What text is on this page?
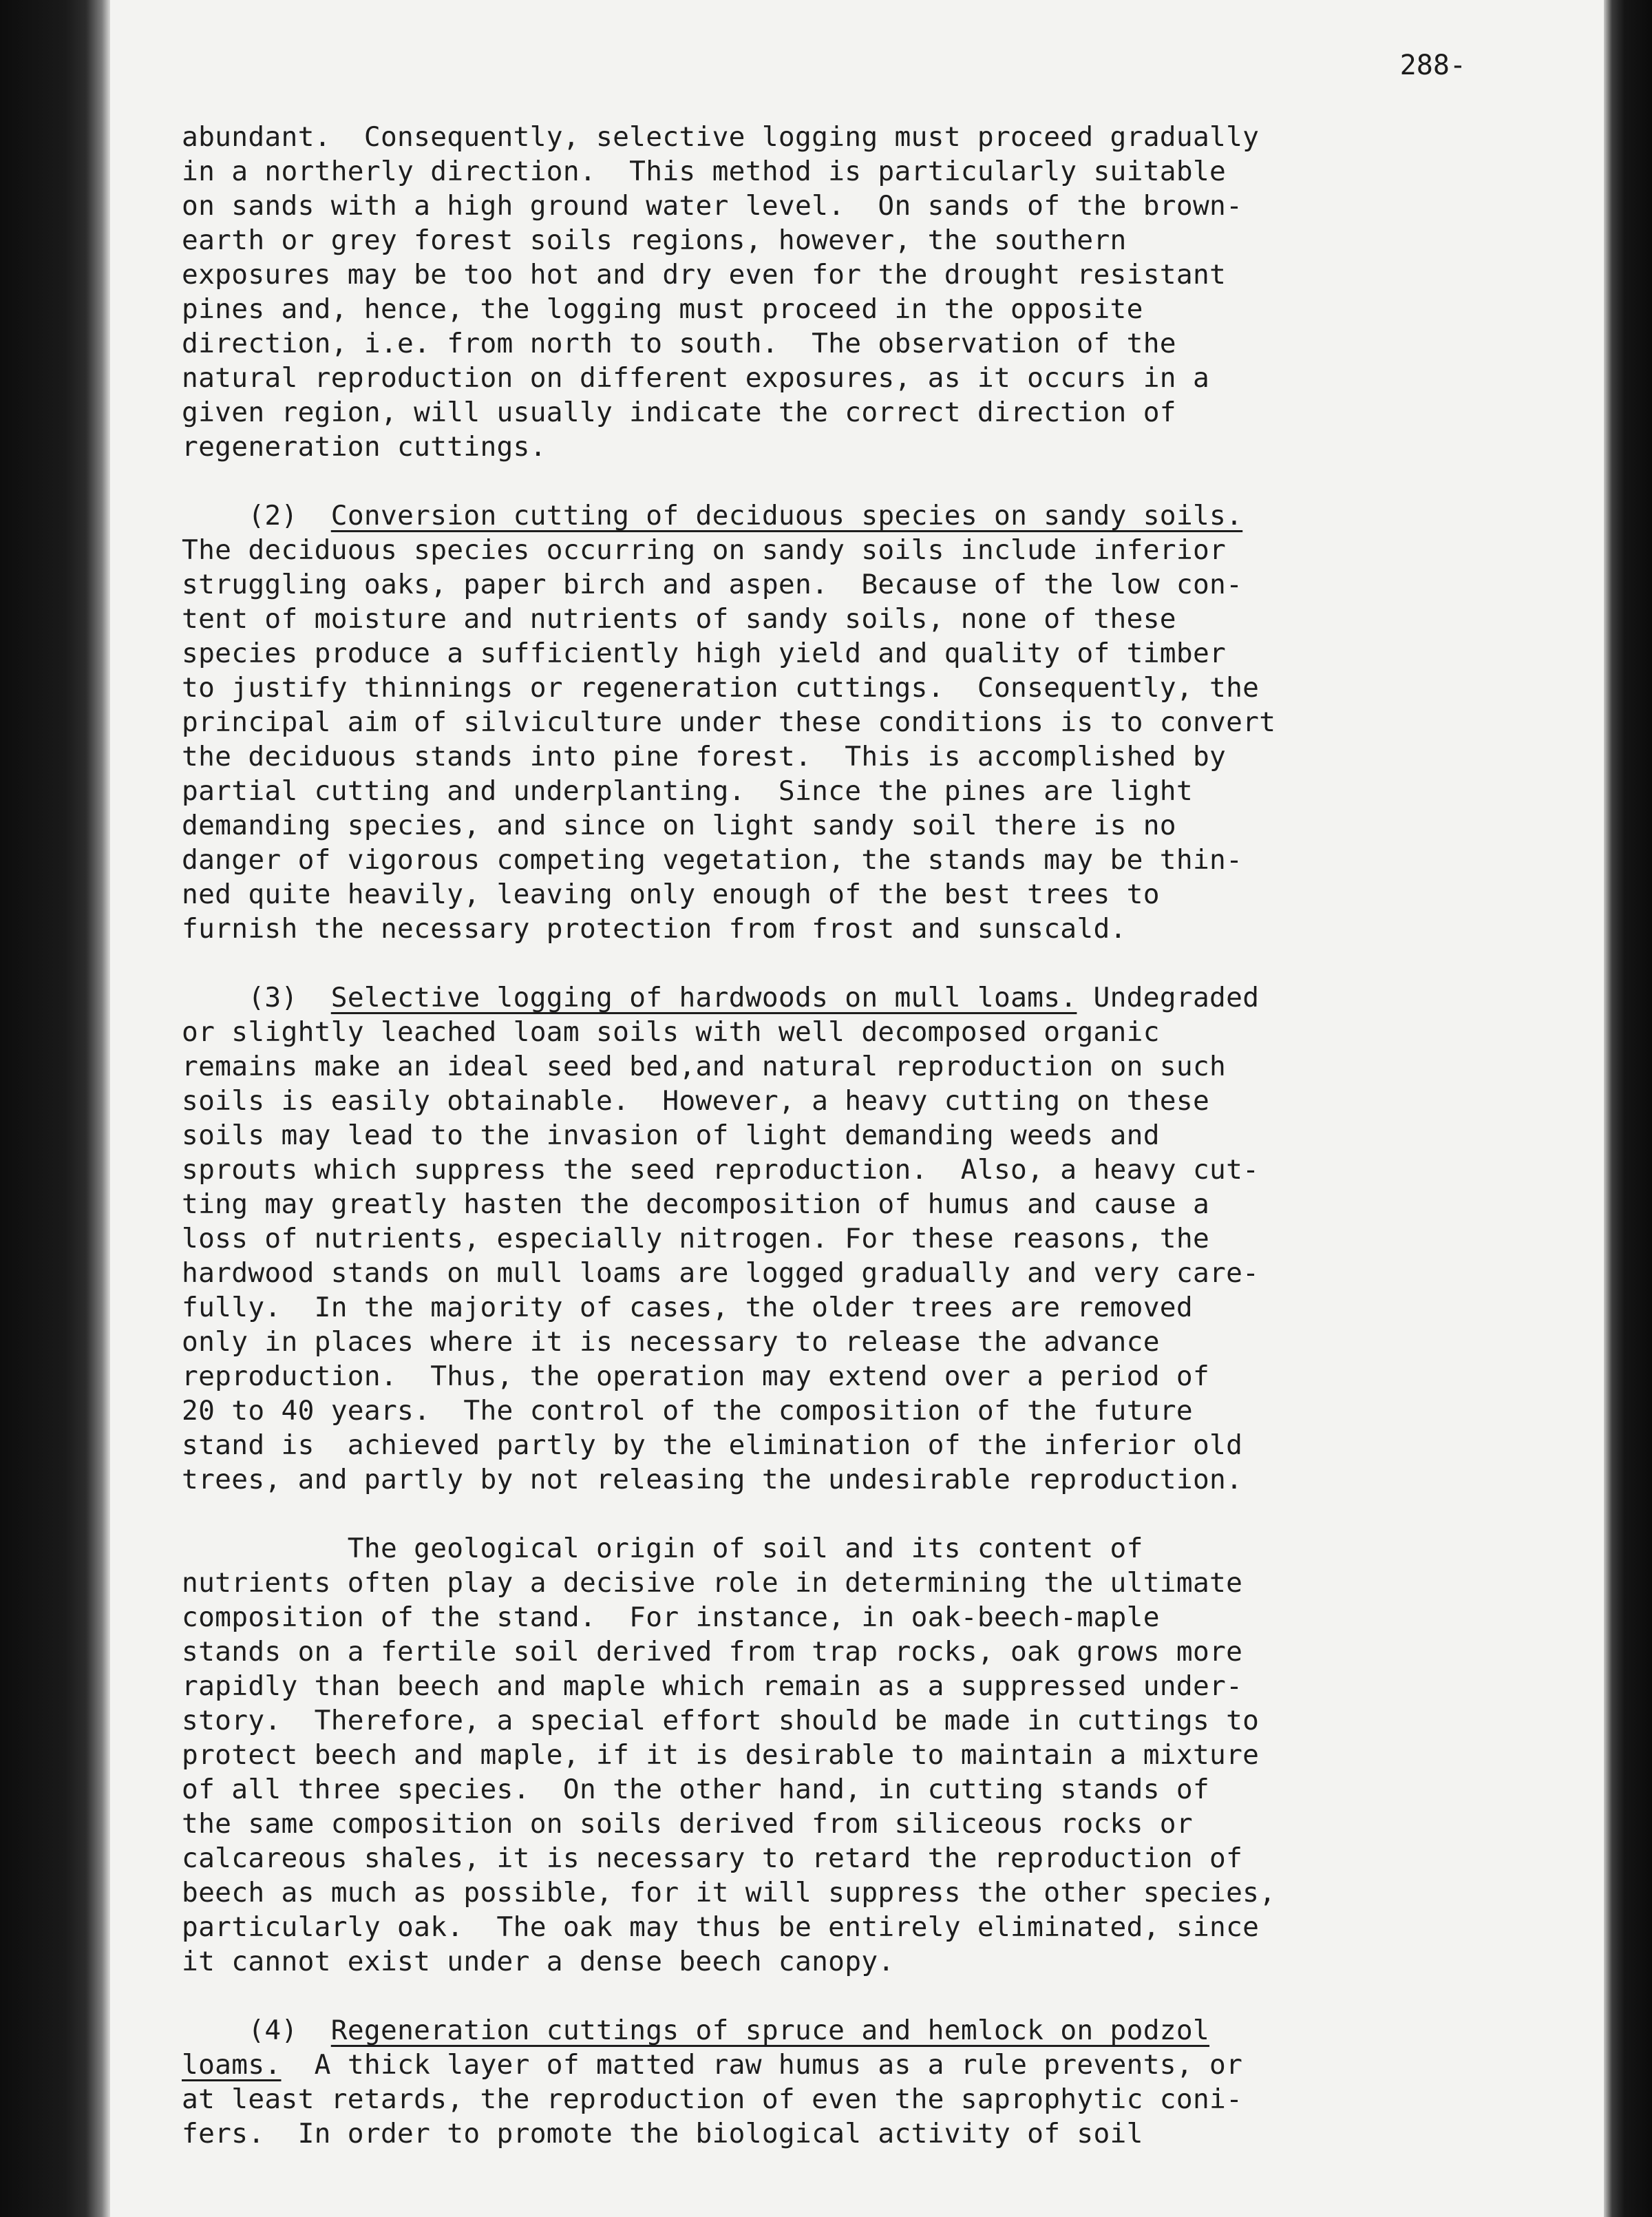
288-
abundant.  Consequently, selective logging must proceed gradually
in a northerly direction.  This method is particularly suitable
on sands with a high ground water level.  On sands of the brown-
earth or grey forest soils regions, however, the southern
exposures may be too hot and dry even for the drought resistant
pines and, hence, the logging must proceed in the opposite
direction, i.e. from north to south.  The observation of the
natural reproduction on different exposures, as it occurs in a
given region, will usually indicate the correct direction of
regeneration cuttings.
(2) Conversion cutting of deciduous species on sandy soils.
The deciduous species occurring on sandy soils include inferior
struggling oaks, paper birch and aspen.  Because of the low con-
tent of moisture and nutrients of sandy soils, none of these
species produce a sufficiently high yield and quality of timber
to justify thinnings or regeneration cuttings.  Consequently, the
principal aim of silviculture under these conditions is to convert
the deciduous stands into pine forest.  This is accomplished by
partial cutting and underplanting.  Since the pines are light
demanding species, and since on light sandy soil there is no
danger of vigorous competing vegetation, the stands may be thin-
ned quite heavily, leaving only enough of the best trees to
furnish the necessary protection from frost and sunscald.
(3) Selective logging of hardwoods on mull loams. Undegraded
or slightly leached loam soils with well decomposed organic
remains make an ideal seed bed,and natural reproduction on such
soils is easily obtainable.  However, a heavy cutting on these
soils may lead to the invasion of light demanding weeds and
sprouts which suppress the seed reproduction.  Also, a heavy cut-
ting may greatly hasten the decomposition of humus and cause a
loss of nutrients, especially nitrogen. For these reasons, the
hardwood stands on mull loams are logged gradually and very care-
fully.  In the majority of cases, the older trees are removed
only in places where it is necessary to release the advance
reproduction.  Thus, the operation may extend over a period of
20 to 40 years.  The control of the composition of the future
stand is  achieved partly by the elimination of the inferior old
trees, and partly by not releasing the undesirable reproduction.
The geological origin of soil and its content of
nutrients often play a decisive role in determining the ultimate
composition of the stand.  For instance, in oak-beech-maple
stands on a fertile soil derived from trap rocks, oak grows more
rapidly than beech and maple which remain as a suppressed under-
story.  Therefore, a special effort should be made in cuttings to
protect beech and maple, if it is desirable to maintain a mixture
of all three species.  On the other hand, in cutting stands of
the same composition on soils derived from siliceous rocks or
calcareous shales, it is necessary to retard the reproduction of
beech as much as possible, for it will suppress the other species,
particularly oak.  The oak may thus be entirely eliminated, since
it cannot exist under a dense beech canopy.
(4) Regeneration cuttings of spruce and hemlock on podzol
loams.  A thick layer of matted raw humus as a rule prevents, or
at least retards, the reproduction of even the saprophytic coni-
fers.  In order to promote the biological activity of soil
